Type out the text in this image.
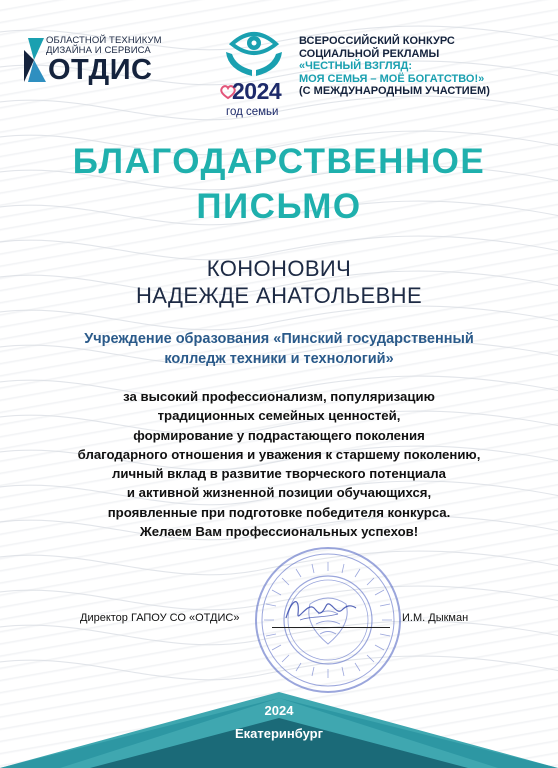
ОБЛАСТНОЙ ТЕХНИКУМ
ДИЗАЙНА И СЕРВИСА
ОТДИС
2024
год семьи
ВСЕРОССИЙСКИЙ КОНКУРС
СОЦИАЛЬНОЙ РЕКЛАМЫ
«ЧЕСТНЫЙ ВЗГЛЯД:
МОЯ СЕМЬЯ – МОЁ БОГАТСТВО!»
(С МЕЖДУНАРОДНЫМ УЧАСТИЕМ)
БЛАГОДАРСТВЕННОЕ
ПИСЬМО
КОНОНОВИЧ
НАДЕЖДЕ АНАТОЛЬЕВНЕ
Учреждение образования «Пинский государственный
колледж техники и технологий»
за высокий профессионализм, популяризацию
традиционных семейных ценностей,
формирование у подрастающего поколения
благодарного отношения и уважения к старшему поколению,
личный вклад в развитие творческого потенциала
и активной жизненной позиции обучающихся,
проявленные при подготовке победителя конкурса.
Желаем Вам профессиональных успехов!
Директор ГАПОУ СО «ОТДИС»	И.М. Дыкман
2024
Екатеринбург
